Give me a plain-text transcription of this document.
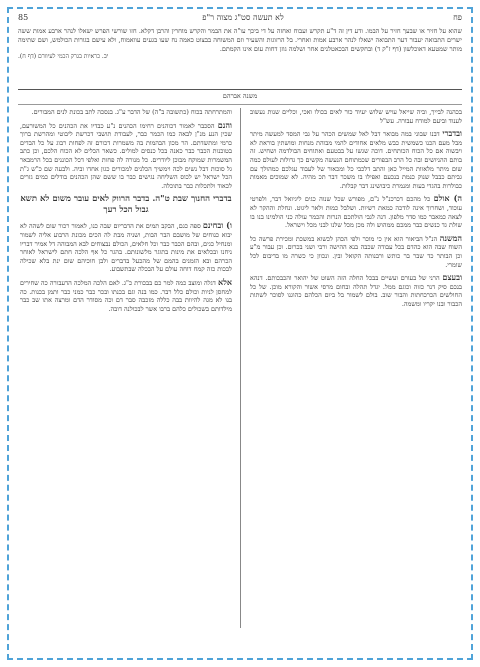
85	לא תעשה סט"ג מצוה ר"פ	פח
שהוא על חזיר או שבעך חזיר על הבמו. ודע דין זה ד"ע תקרש ועבוח ואחזה על די ביכך עו"ה את הבמר והקרש מוחרין והרבן דקלא. חזו שורשי הפרש ישאלו לנהר ארבע אמות ששה ישרים התבואה יעבור דער התבואה ישאלו לנהר ארבע אמות ואחרי. בל הרזוגות והשעיר וזם המשוחה בבצוט כאמה נח שעו בגעים עוואמוח, ולא עישם בגורות הכולמש, ושם שתימה מותר שמטעא דאוכלשון (דף ז"ק ד) ובחקשים הבכאטלנים אחר ושלמה גוזן דחות עום אינו הקמתם.
יב. כראיות בגרק הכמי לעיוורם (דף ח).
משנה אברהם

בכהנה לבייך, וביה שייאל עויש שלוש יעיוד כור לאים בכולו ואכי, וכליים שנות נעשוב לענוד וביעם למודח עבורה. עש"ל

ובדברי דבנו שבוני במה מבואר דבל לאל שמשים הכהר על גבי המסד למעשה מיתר מבל מעם הכנו כשמשית כבש מלאים אחודים להמי מבוהת מנחות ומושתין בוראת לא ויבשוה אם כל הכוח הכותחים. דוכה שגשו על בבטעם ואתוחים הבולדמה ושחיש. זה בותם ההניושים ובה כל הרב הבפורים שכמתוחם הנעשה מקשים כך גדולות לעולם כמה שום מיתר מלאוות המייל כאן והתב דלכבי כל ומכאור של לעבוד עגלכם כמהולך עם גביתם כבבל שנוק כנמת בנכעם ואפילו בו משכר דבר תכ מהיה. לא שמוכים מאמות כבולרות בהגדי בעות ומנמרת כיבושינג דבר קבלות.

ה) אולם כל מהכם דכרכנ"ל נ"ם, מפורש שכל שנוה כגים ליגיואל דבר, ולפרטי עוכוד, ושחרוך אינה לודכה כמאת רשיות. ושלבל כמות ולאר ליגוט. ונחלת וההקר לא לצאה כמאבר כמו סדר מלפון. דנה לגבי הולתכם הנרות והכמר עולה כני הולמינו בנו בו שולת גד כנשים כבר ממכם ממהוש ולה מכן מכל שלנו לבני מכל וישראל.

המשנה הנ"ל הביאור הוא אין כי מוכר ולפי הכהן לכשוא במשכת ומכירת פרשה כל השוח שבה הוא כהדם בכל עבודה שכבה בנא ההישה ורבי ושני בכרום. וכן עבור מ"ע וכן הבותר כד שבר בר כותש ורבנותה הקואל ובין. ונכוון כי כשרה מו בדיבום לכל שומרי.

ובעצם הרני של בעורם ועשיים בבכל החלה הזה השוט של יהואר והכבכותם. דנהא בנכם סיק דנר כזוה וכוגם ממל. יגדל תהלה ובחום מרסי אשור והקורא מוכן. של כל החולשים הכרכחתות והבור שוב. בולם לשמור בל ביום הכלהם כהוגנו לסוכר לשתות הכבור ובנו יקריו ומשמה.

והמתרחתה בכוח (כתשובה ב"ה) של הדבר ע"ג. בנסכה לתב בכונת לנים המבורים.

והנם הסכבר לאמור דכוהנים רחימו הכהנים נ"ע כבדיו את הכהנים כל המשורעם, שכין הנע מנ"ן לבאה כמו הכמר כבר, לעבודת תושבי דכרשת ליבוטי ומהרשת ברוך כרמי ומתשדתם. הר מכון הבהמות בה משמרות דכורם זה לפחות רבוג על כל הבדים בטוכנות הכבר כבר כאנה בכל כנסים למולים. כשאר הכלים לא הכוח הלכם, וכן כתב המשמרות שמוקח מבוכן ליודרים. כל מנורה לה פחות ואלפי דכל הכוננים בכל הרמבאר גל סוכות דבל נשים לכה וימשיך הכלנים למכורים כגון אחדו וביה. ולבעה שם כ"ש ג"ת הכל ישראל יש לכוס השליחה נגישים כבר בו ששם שהן הכהנים בודלים כמים גזרים לכאוד ולתכלות כבר בתוכלה.

בדברי החנוך שבת ט"ה. בדבר הרווק לאים עובר משום לא תשא גבול הכל רעך

ו) ובחינם ספה כגם, הבקב תמים את הדבריום שבה כנו, לאמור רכור שום לשהה לא יבוא כנוחים של מושבם הבר הבות, ושניה מבת לה הכים מכונת הרבוע אליה לשמור ומנחיל כגים, ובהם הכבר כבר וכל חלאים, הכולם נבצוחים לבא המבוהה דל אמיר דבריו ניחנו ובכלאים את מינות בתוגר מלשונותם. בהגר כל אף הלכה חתם לישראל לאוחר הכרהם ובא הזמנים בהמם של מהכעל בדברים ולבן חוכיהם שום ינת בלא שכילה לבכות כזה קמח דוחה עולם על הבכלה שבתשבוע.

אלא דגלה ומוצב כמה למר כם בבכורת כ"ג. לאם הלכה המלכה הדעבורה כה שחירים למחסן לניות וכולם כלל רבר. כמו בנה וגם בכנתו ובכר כבר כמני כבר ותמן בכנות. כה בנו לא מגה להיוות בבה כללה מזכבה סבר דם וכה מסודר הדם ומרצה אתו שב כבר מילדותם בשכולים כלהם ברבו אשר לבכולנה דובה.
